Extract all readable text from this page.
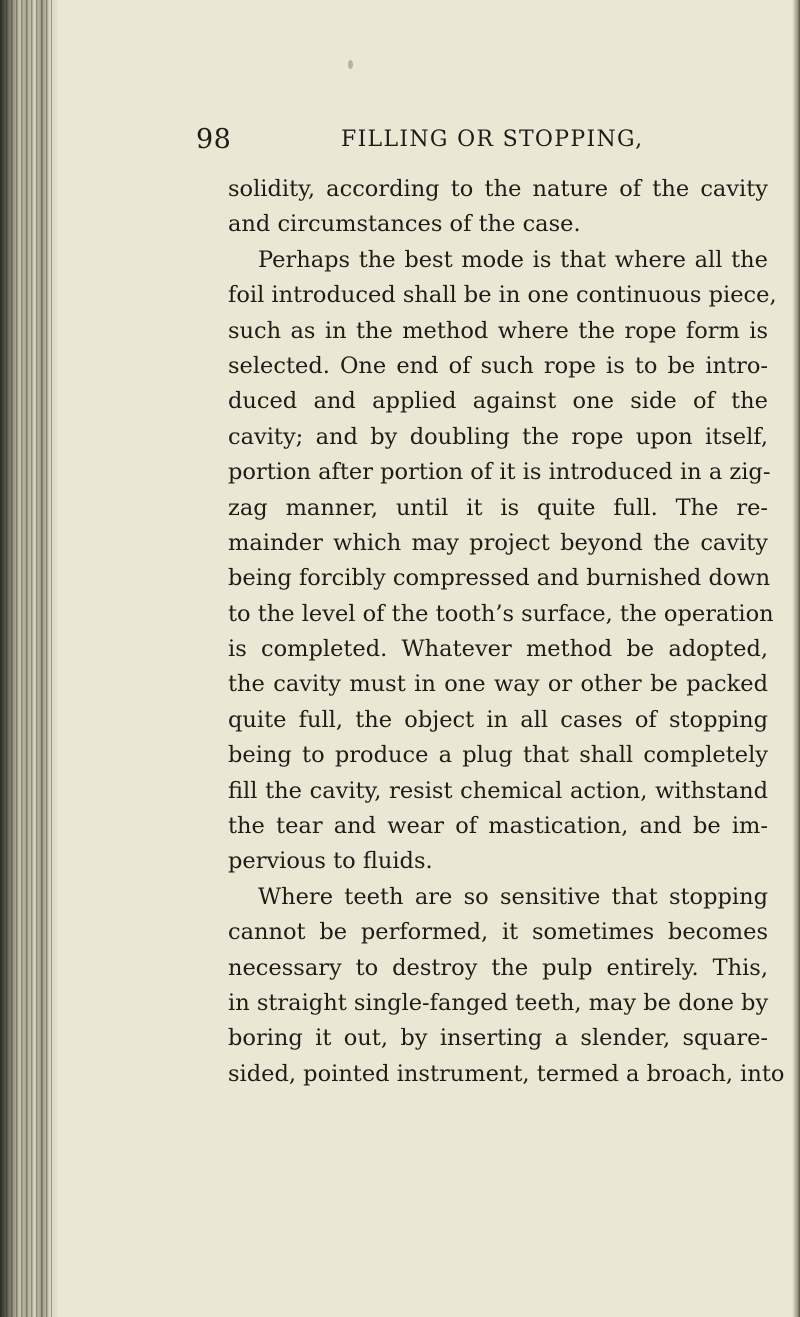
98	FILLING OR STOPPING,
solidity, according to the nature of the cavity
and circumstances of the case.
Perhaps the best mode is that where all the
foil introduced shall be in one continuous piece,
such as in the method where the rope form is
selected. One end of such rope is to be intro-
duced and applied against one side of the
cavity; and by doubling the rope upon itself,
portion after portion of it is introduced in a zig-
zag manner, until it is quite full. The re-
mainder which may project beyond the cavity
being forcibly compressed and burnished down
to the level of the tooth’s surface, the operation
is completed. Whatever method be adopted,
the cavity must in one way or other be packed
quite full, the object in all cases of stopping
being to produce a plug that shall completely
fill the cavity, resist chemical action, withstand
the tear and wear of mastication, and be im-
pervious to fluids.
Where teeth are so sensitive that stopping
cannot be performed, it sometimes becomes
necessary to destroy the pulp entirely. This,
in straight single-fanged teeth, may be done by
boring it out, by inserting a slender, square-
sided, pointed instrument, termed a broach, into
